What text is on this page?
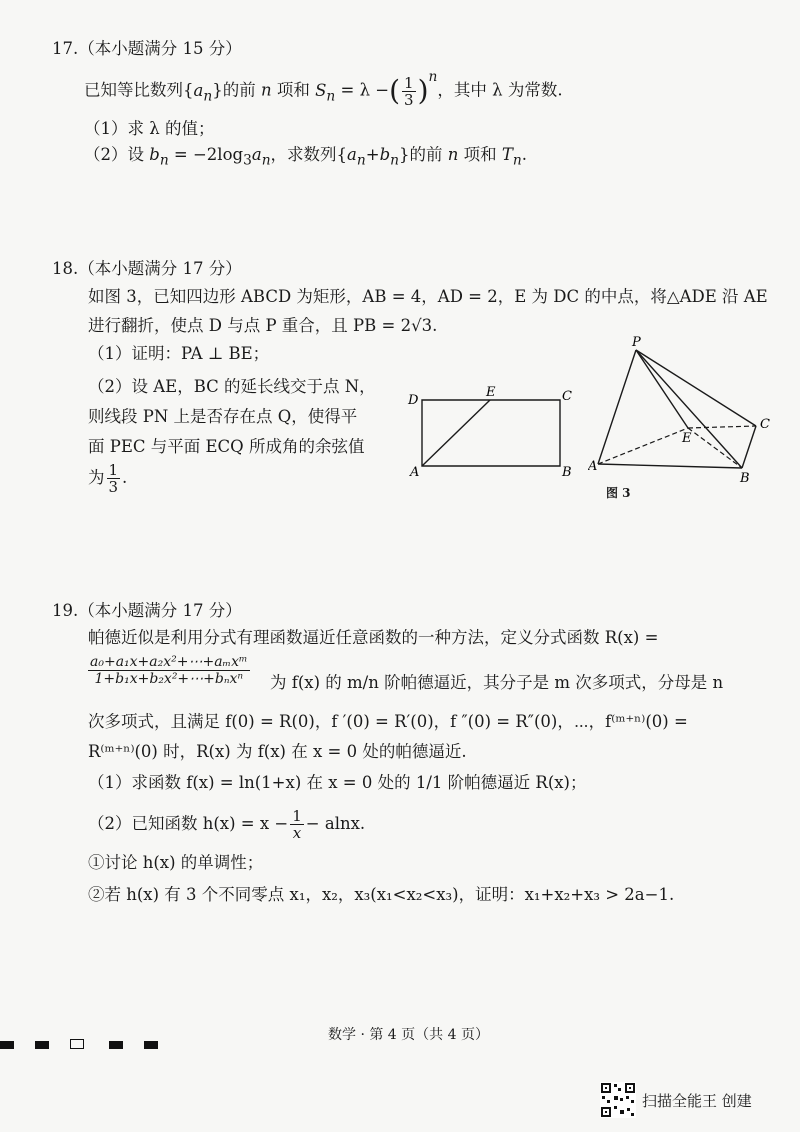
17.（本小题满分 15 分）
已知等比数列$\{a_n\}$的前 n 项和 $S_n = \lambda$ −( $\frac{1}{3} )^n$，其中 λ 为常数.
（1）求 λ 的值；
（2）设 $b_n = -2\log_3a_n$，求数列$\{a_n+b_n\}$的前 n 项和 $T_n$.
18.（本小题满分 17 分）
如图 3，已知四边形 ABCD 为矩形，AB = 4，AD = 2，E 为 DC 的中点，将△ADE 沿 AE
进行翻折，使点 D 与点 P 重合，且 PB = 2√3.
（1）证明：PA ⊥ BE；
（2）设 AE，BC 的延长线交于点 N，
则线段 PN 上是否存在点 Q，使得平
面 PEC 与平面 ECQ 所成角的余弦值
为 $\frac{1}{3}$ .
D
E	C
A	B
P
E
C
A
B
图 3
19.（本小题满分 17 分）
帕德近似是利用分式有理函数逼近任意函数的一种方法，定义分式函数 R(x) =
$\frac{\text{a₀+a₁x+a₂x²+⋯+aₘxᵐ}}{\text{1+b₁x+b₂x²+⋯+bₙxⁿ}}$ 为 f(x) 的 m/n 阶帕德逼近，其分子是 m 次多项式，分母是 n
次多项式，且满足 f(0) = R(0)，f ′(0) = R′(0)，f ″(0) = R″(0)，⋯，f⁽ᵐ⁺ⁿ⁾(0) =
R⁽ᵐ⁺ⁿ⁾(0) 时，R(x) 为 f(x) 在 x = 0 处的帕德逼近.
（1）求函数 f(x) = ln(1+x) 在 x = 0 处的 1/1 阶帕德逼近 R(x)；
（2）已知函数 $h(x) = x - \frac{1}{x} - alnx$.
①讨论 h(x) 的单调性；
②若 h(x) 有 3 个不同零点 x₁，x₂，x₃(x₁<x₂<x₃)，证明：x₁+x₂+x₃ > 2a−1.

数学 · 第 4 页（共 4 页）
扫描全能王 创建
